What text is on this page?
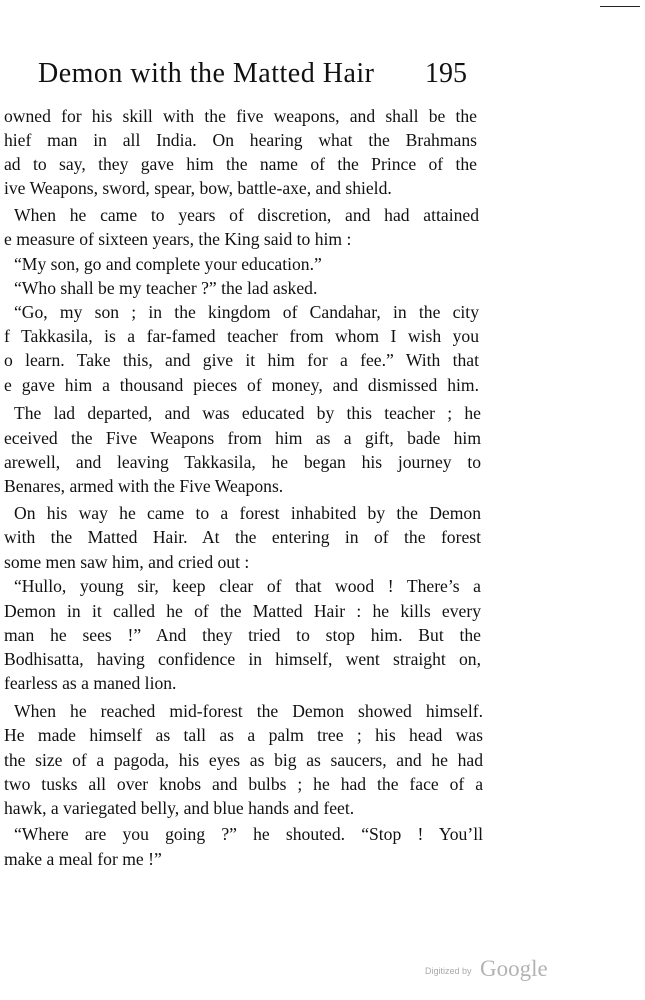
Demon with the Matted Hair 195
owned for his skill with the five weapons, and shall be the
hief man in all India. On hearing what the Brahmans
ad to say, they gave him the name of the Prince of the
ive Weapons, sword, spear, bow, battle-axe, and shield.
When he came to years of discretion, and had attained
e measure of sixteen years, the King said to him :
“My son, go and complete your education.”
“Who shall be my teacher ?” the lad asked.
“Go, my son ; in the kingdom of Candahar, in the city
f Takkasila, is a far-famed teacher from whom I wish you
o learn. Take this, and give it him for a fee.” With that
e gave him a thousand pieces of money, and dismissed him.
The lad departed, and was educated by this teacher ; he
eceived the Five Weapons from him as a gift, bade him
arewell, and leaving Takkasila, he began his journey to
Benares, armed with the Five Weapons.
On his way he came to a forest inhabited by the Demon
with the Matted Hair. At the entering in of the forest
some men saw him, and cried out :
“Hullo, young sir, keep clear of that wood ! There’s a
Demon in it called he of the Matted Hair : he kills every
man he sees !” And they tried to stop him. But the
Bodhisatta, having confidence in himself, went straight on,
fearless as a maned lion.
When he reached mid-forest the Demon showed himself.
He made himself as tall as a palm tree ; his head was
the size of a pagoda, his eyes as big as saucers, and he had
two tusks all over knobs and bulbs ; he had the face of a
hawk, a variegated belly, and blue hands and feet.
“Where are you going ?” he shouted. “Stop ! You’ll
make a meal for me !”
Digitized by Google
